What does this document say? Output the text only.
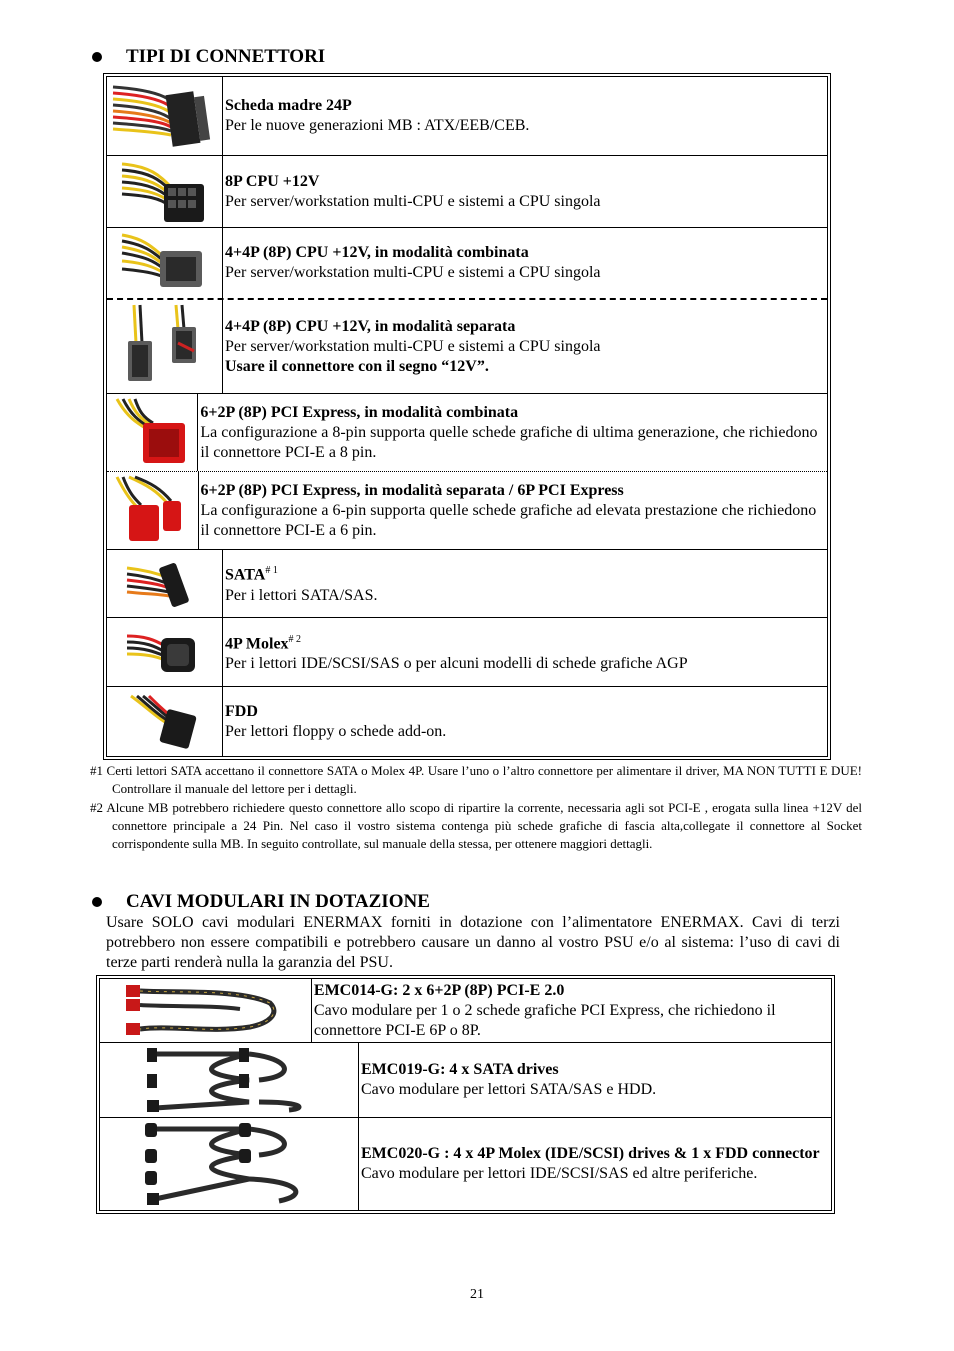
TIPI DI CONNETTORI
Scheda madre 24P
Per le nuove generazioni MB : ATX/EEB/CEB.
8P CPU +12V
Per server/workstation multi-CPU e sistemi a CPU singola
4+4P (8P) CPU +12V, in modalità combinata
Per server/workstation multi-CPU e sistemi a CPU singola
4+4P (8P) CPU +12V, in modalità separata
Per server/workstation multi-CPU e sistemi a CPU singola
Usare il connettore con il segno “12V”.
6+2P (8P) PCI Express, in modalità combinata
La configurazione a 8-pin supporta quelle schede grafiche di ultima generazione, che richiedono il connettore PCI-E a 8 pin.
6+2P (8P) PCI Express, in modalità separata / 6P PCI Express
La configurazione a 6-pin supporta quelle schede grafiche ad elevata prestazione che richiedono il connettore PCI-E a 6 pin.
SATA$^{\# 1}$
Per i lettori SATA/SAS.
4P Molex$^{\# 2}$
Per i lettori IDE/SCSI/SAS o per alcuni modelli di schede grafiche AGP
FDD
Per lettori floppy o schede add-on.
#1 Certi lettori SATA accettano il connettore SATA o Molex 4P. Usare l’uno o l’altro connettore per alimentare il driver, MA NON TUTTI E DUE! Controllare il manuale del lettore per i dettagli.
#2 Alcune MB potrebbero richiedere questo connettore allo scopo di ripartire la corrente, necessaria agli sot PCI-E , erogata sulla linea +12V del connettore principale a 24 Pin. Nel caso il vostro sistema contenga più schede grafiche di fascia alta,collegate il connettore al Socket corrispondente sulla MB. In seguito controllate, sul manuale della stessa, per ottenere maggiori dettagli.
CAVI MODULARI IN DOTAZIONE
Usare SOLO cavi modulari ENERMAX forniti in dotazione con l’alimentatore ENERMAX. Cavi di terzi potrebbero non essere compatibili e potrebbero causare un danno al vostro PSU e/o al sistema: l’uso di cavi di terze parti renderà nulla la garanzia del PSU.
EMC014-G: 2 x 6+2P (8P) PCI-E 2.0
Cavo modulare per 1 o 2 schede grafiche PCI Express, che richiedono il connettore PCI-E 6P o 8P.
EMC019-G: 4 x SATA drives
Cavo modulare per lettori SATA/SAS e HDD.
EMC020-G : 4 x 4P Molex (IDE/SCSI) drives & 1 x FDD connector
Cavo modulare per lettori IDE/SCSI/SAS ed altre periferiche.
21
